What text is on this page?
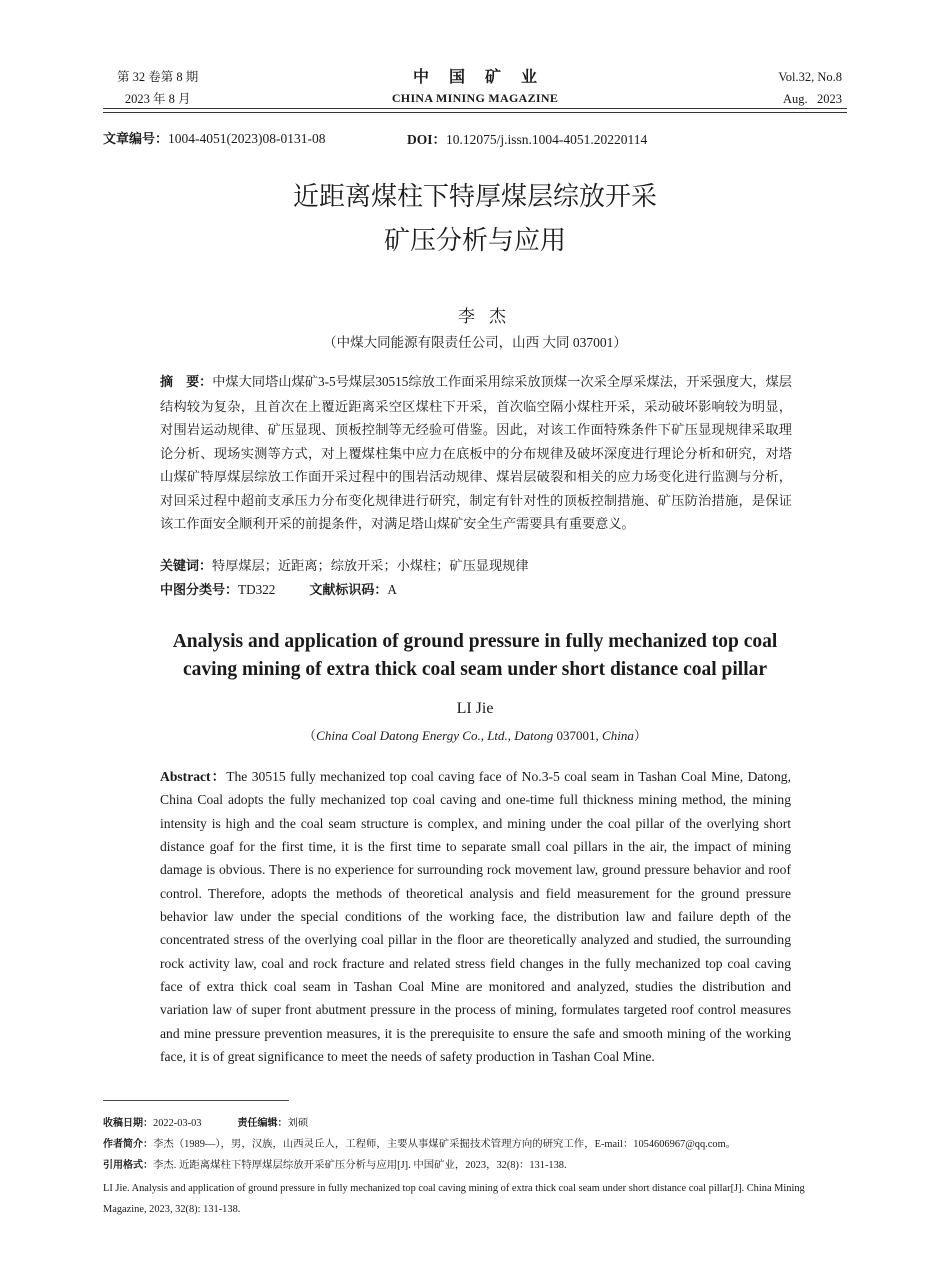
第 32 卷第 8 期
2023 年 8 月
中国矿业
CHINA MINING MAGAZINE
Vol.32, No.8
Aug.   2023
文章编号：1004-4051(2023)08-0131-08	DOI：10.12075/j.issn.1004-4051.20220114
近距离煤柱下特厚煤层综放开采
矿压分析与应用
李杰
（中煤大同能源有限责任公司，山西 大同 037001）
摘　要：中煤大同塔山煤矿3-5号煤层30515综放工作面采用综采放顶煤一次采全厚采煤法，开采强度大，煤层结构较为复杂，且首次在上覆近距离采空区煤柱下开采，首次临空隔小煤柱开采，采动破坏影响较为明显，对围岩运动规律、矿压显现、顶板控制等无经验可借鉴。因此，对该工作面特殊条件下矿压显现规律采取理论分析、现场实测等方式，对上覆煤柱集中应力在底板中的分布规律及破坏深度进行理论分析和研究，对塔山煤矿特厚煤层综放工作面开采过程中的围岩活动规律、煤岩层破裂和相关的应力场变化进行监测与分析，对回采过程中超前支承压力分布变化规律进行研究，制定有针对性的顶板控制措施、矿压防治措施，是保证该工作面安全顺利开采的前提条件，对满足塔山煤矿安全生产需要具有重要意义。
关键词：特厚煤层；近距离；综放开采；小煤柱；矿压显现规律
中图分类号：TD322	文献标识码：A
Analysis and application of ground pressure in fully mechanized top coal
caving mining of extra thick coal seam under short distance coal pillar
LI Jie
（China Coal Datong Energy Co., Ltd., Datong 037001, China）
Abstract：The 30515 fully mechanized top coal caving face of No.3-5 coal seam in Tashan Coal Mine, Datong, China Coal adopts the fully mechanized top coal caving and one-time full thickness mining method, the mining intensity is high and the coal seam structure is complex, and mining under the coal pillar of the overlying short distance goaf for the first time, it is the first time to separate small coal pillars in the air, the impact of mining damage is obvious. There is no experience for surrounding rock movement law, ground pressure behavior and roof control. Therefore, adopts the methods of theoretical analysis and field measurement for the ground pressure behavior law under the special conditions of the working face, the distribution law and failure depth of the concentrated stress of the overlying coal pillar in the floor are theoretically analyzed and studied, the surrounding rock activity law, coal and rock fracture and related stress field changes in the fully mechanized top coal caving face of extra thick coal seam in Tashan Coal Mine are monitored and analyzed, studies the distribution and variation law of super front abutment pressure in the process of mining, formulates targeted roof control measures and mine pressure prevention measures, it is the prerequisite to ensure the safe and smooth mining of the working face, it is of great significance to meet the needs of safety production in Tashan Coal Mine.
收稿日期：2022-03-03	责任编辑：刘硕
作者简介：李杰（1989—），男，汉族，山西灵丘人，工程师，主要从事煤矿采掘技术管理方向的研究工作，E-mail：1054606967@qq.com。
引用格式：李杰. 近距离煤柱下特厚煤层综放开采矿压分析与应用[J]. 中国矿业，2023，32(8)：131-138.
LI Jie. Analysis and application of ground pressure in fully mechanized top coal caving mining of extra thick coal seam under short distance coal pillar[J]. China Mining Magazine, 2023, 32(8): 131-138.
